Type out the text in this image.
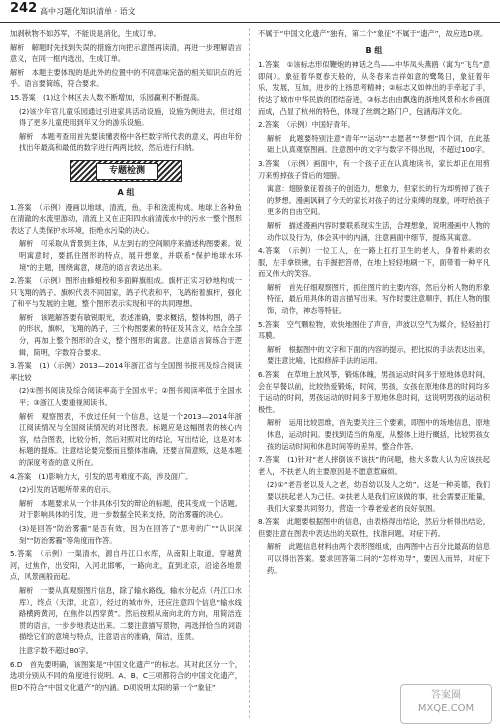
242 高中习题化知识清单 · 语文

加剥秋物不如苏军，不能说是消化，生成订单。

解析　解题时先找到失误的措施方向把示意图再读清，再进一步理解语言意义，在同一框内选出，生成订单。

解析　本题主要体现的是此外的位置中的不同意味完备的相关知识点的近乎。语言要简练，符合要求。

15.答案　(1)这个林区去人数不断增加，乐园赢利不断提高。

(2)该少年官儿童乐园通过引进家具活动设施，设施为例进去，但过组得了更多儿童使用到年又分的游乐设施。

解析　本题考查用首先要读懂表格中各栏数字所代表的意义，再由年份找出年最高和最低的数字进行两两比较，然后进行归纳。

专题检测
A 组

1.答案　（示例）漫画以地球，清流，鱼，手和洗流构成。地球上各种鱼在清澈的水流里游动，清流上又在正阳四水前清流水中的污水一整个图形表达了人类保护水环境，拒绝水污染的决心。

解析　可采取从背景到主体，从左到右的空间顺序来描述构图要素。说明寓意时，要抓住图形的特点，展开想象，并联系“保护地球水环境”的主题，围绕寓意，规范的语言表达出来。

2.答案　（示例）图形由蜂蜡校和多面鲜旗组成。旗杆正实习砂地构成一只飞翔的鸽子。旗帜代表不同国家，鸽子代表和平，飞鸽衔着旗杆，强化了和平与发展的主题，整个图形表示实现和平的共同理想。

解析　该题解答要有敏锐眼光，表述准确，要求概括，整体构图，鸽子的形状，旗帜，飞翔的鸽子，三个构图要素的特征及其含义，结合全部分，再加上整个图形的含义，整个图形的寓意。注意语言简练合于逻辑，简明，字数符合要求。

3.答案　(1)（示例）2013—2014年浙江省与全国图书报刊及综合阅读率比较

(2)①图书阅读及综合阅读率高于全国水平；②图书阅读率低于全国水平；③浙江人要重视阅读书。

解析　观察图表，不放过任何一个信息，这是一个2013—2014年浙江阅读情况与全国阅读情况的对比图表。标题应是这幅图表的核心内容，结合图表，比较分析，然后对照对比的结论，写出结论，这是对本标题的提炼。注意结论要完整而且整体准确，还要言简意赅，这是本题的深度考查的意义所在。

4.答案　(1)影响力大，引发的思考难度不高，涉及面广。

(2)引发的话题所带来的启示。

解析　本题要求从一个非具体引发的辩论的标题，使其变成一个话题。对于影响具体的引发，进一步数据全民来支持，防治雾霾的决心。

(3)是回答“防治雾霾”是否有效，因为在回答了“思考的广”“认识深刻”“防治雾霾”等角度而作答。

5.答案　（示例）一渠清水，源自丹江口水库，从南阳上取道，穿越黄河，过焦作，出安阳，入河北邯郸，一路向北，直到北京，沿途各地景点，风景画般而起。

解析　一要从真观察图片信息，除了输水路线，输水分起点（丹江口水库），终点（天津，北京），经过的城市外，还应注意四个信息“输水线路横跨黄河，在焦作以西穿黄”。然后按照从南向北的方向，用简洁连贯的语言，一步步地表达出来。二要注意描写景物，再选择恰当的词语描绘它们的意境与特点，注意语言的准确，简洁，连贯。

注意字数不超过80字。

6.D　首先要明确，该图案是“中国文化遗产”的标志。其对此区分一个，选项分别从不同的角度进行说明。A、B、C三项都符合的中国文化遗产，但D不符合“中国文化遗产”的内涵。D项说明太阳的第一个“象征”

不属于“中国文化遗产”独有，第二个“象征”不属于“遗产”，故应选D项。

B 组

1.答案　①该标志形似鞭炮的神话之鸟——中华凤头燕鸥（寓为“飞鸟”意即间）。象征着华夏春天般的，从冬春来吉祥如意的鹭鸶日，象征着年乐，发展，互加，进步的上扬思考精神；②标志又如伸出的手牵起了手，传达了城市中华民族的团结奋进，③标志由由飘逸的浙地风景和水乡画面而成，凸显了杭州的特色，体现了丝绸之路门户，包涵海洋文化。

2.答案　（示例）中国好青年。

解析　此题要特别注意“青年”“运动”“志愿者”“梦想”四个词，在此基础上认真观察图画。注意图中的文字与数字不得出现，不超过100字。

3.答案　（示例）画面中，有一个孩子正在认真地读书，家长却正在用剪刀来剪掉孩子背后的翅膀。

寓意：翅膀象征着孩子的创造力，想象力，但家长的行为却剪掉了孩子的梦想。漫画讽刺了今天的家长对孩子的过分束缚的现象，呼吁给孩子更多的自由空间。

解析　描述漫画内容时要联系现实生活，合理想象，说明漫画中人物的动作以及行为，体会其中的内涵，注意画面中细节，提炼其寓意。

4.答案　（示例）一位工人，在一路上扛打卫生的老人，身着朴素的衣服，左手拿铁锹，右手握把笤帚，在地上轻轻地刷一下，面带着一种平凡而又伟大的笑容。

解析　首先仔细观察图片，抓住图片的主要内容，然后分析人物的形象特征，最后用具体的语言描写出来。写作时要注意顺序，抓住人物的服饰，动作，神态等特征。

5.答案　空气颗粒物，欢快地围住了声音，声波以空气为媒介，轻轻拍打耳膜。

解析　根据图中的文字和下面的内容的提示，把比拟的手法表达出来，要注意比喻，比拟修辞手法的运用。

6.答案　在草地上放风筝，锻炼体魄，男孩运动时间多于原地体息时间，会在早餐以前，比较热爱锻炼，时间，男孩，女孩在原地体息的时间均多于运动的时间，男孩运动的时间多于原地休息时间，这说明男孩的运动积极性。

解析　运用比较思维，首先要关注三个要素，即图中的场地信息，原地休息，运动时间。要找到适当的角度，从整体上进行概括，比较男孩女孩的运动时间和休息时间等的差异，整合作答。

7.答案　(1)针对“老人摔倒该不该扶”的问题，他大多数人认为应该扶起老人，不扶老人的主要原因是不愿意惹麻烦。

(2)①“老吾老以及人之老，幼吾幼以及人之幼”。这是一种美德，我们要以扶起老人为己任。②扶老人是我们应该做的事，社会需要正能量，我们大家要共同努力，营造一个尊老爱老的良好氛围。

8.答案　此题要根据图中的信息，由表格得出结论，然后分析得出结论，但要注意在图表中表达出的关联性，找准问题，对症下药。

解析　此题信息材料由两个表形图组成，由两图中占百分比最高的信息可以得出答案。要求回答第二问的“怎样劝导”，要因人而异，对症下药。

答案圈
MXQE.COM
